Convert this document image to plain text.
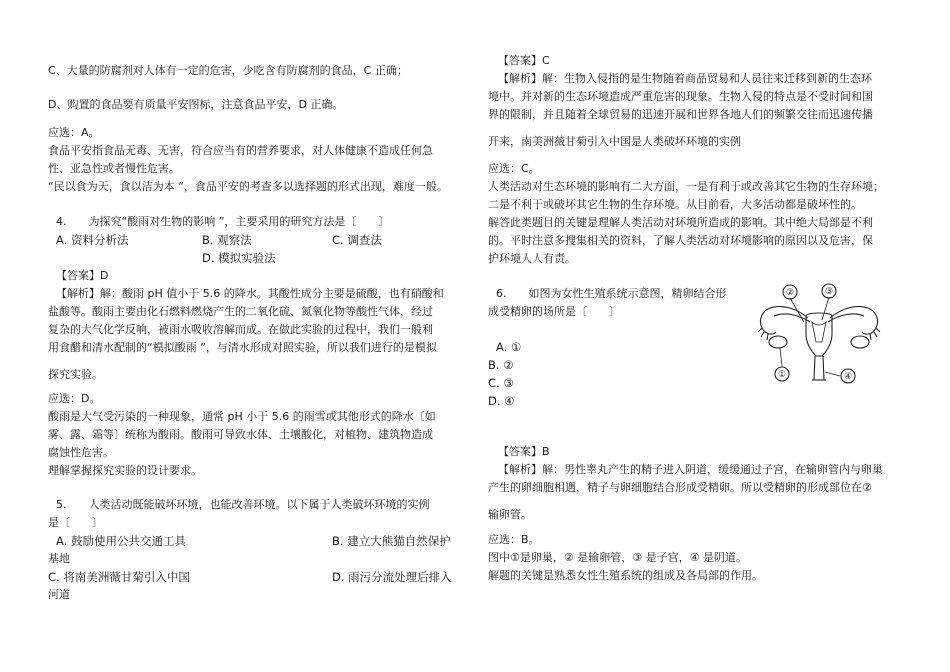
C、大量的防腐剂对人体有一定的危害，少吃含有防腐剂的食品，C 正确；
D、购置的食品要有质量平安图标，注意食品平安，D 正确。
应选：A。
食品平安指食品无毒、无害，符合应当有的营养要求，对人体健康不造成任何急
性、亚急性或者慢性危害。
“民以食为天，食以洁为本 ”，食品平安的考查多以选择题的形式出现，难度一般。
4.　　为探究“酸雨对生物的影响 ”，主要采用的研究方法是〔　　〕
A. 资料分析法	B. 观察法	C. 调查法
D. 模拟实验法
【答案】D
【解析】解：酸雨 pH 值小于 5.6 的降水。其酸性成分主要是硫酸，也有硝酸和
盐酸等。酸雨主要由化石燃料燃烧产生的二氧化硫、氮氧化物等酸性气体，经过
复杂的大气化学反响，被雨水吸收溶解而成。在做此实验的过程中，我们一般利
用食醋和清水配制的“模拟酸雨 ”，与清水形成对照实验，所以我们进行的是模拟
探究实验。
应选：D。
酸雨是大气受污染的一种现象，通常 pH 小于 5.6 的雨雪或其他形式的降水〔如
雾、露、霜等〕统称为酸雨。酸雨可导致水体、土壤酸化，对植物、建筑物造成
腐蚀性危害。
理解掌握探究实验的设计要求。
5.　　人类活动既能破坏环境，也能改善环境。以下属于人类破坏环境的实例
是〔　　〕
A. 鼓励使用公共交通工具	B. 建立大熊猫自然保护
基地
C. 将南美洲薇甘菊引入中国	D. 雨污分流处理后排入
河道
【答案】C
【解析】解：生物入侵指的是生物随着商品贸易和人员往来迁移到新的生态环
境中。并对新的生态环境造成严重危害的现象。生物入侵的特点是不受时间和国
界的限制，并且随着全球贸易的迅速开展和世界各地人们的频繁交往而迅速传播
开来，南美洲薇甘菊引入中国是人类破坏环境的实例
应选：C。
人类活动对生态环境的影响有二大方面，一是有利于或改善其它生物的生存环境；
二是不利于或破坏其它生物的生存环境。从目前看，大多活动都是破坏性的。
解答此类题目的关键是理解人类活动对环境所造成的影响。其中绝大局部是不利
的。平时注意多搜集相关的资料，了解人类活动对环境影响的原因以及危害，保
护环境人人有责。
6.　　如图为女性生殖系统示意图，精卵结合形
成受精卵的场所是〔　　〕
A. ①
B. ②
C. ③
D. ④
②	③
①	④
【答案】B
【解析】解：男性睾丸产生的精子进入阴道，缓缓通过子宫，在输卵管内与卵巢
产生的卵细胞相遇，精子与卵细胞结合形成受精卵。所以受精卵的形成部位在②
输卵管。
应选：B。
图中①是卵巢，② 是输卵管，③ 是子宫，④ 是阴道。
解题的关键是熟悉女性生殖系统的组成及各局部的作用。
